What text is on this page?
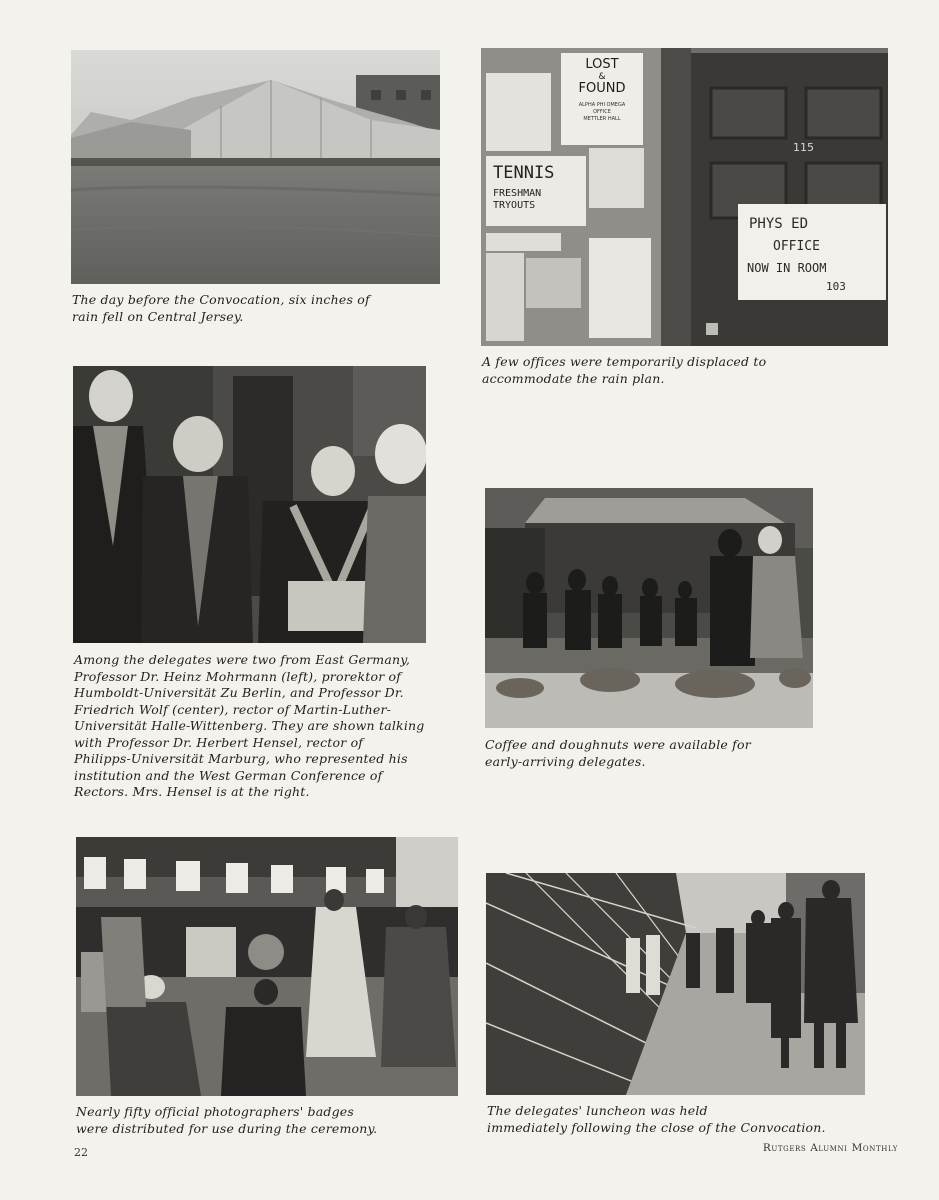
The day before the Convocation, six inches of
rain fell on Central Jersey.

LOST
&
FOUND
ALPHA PHI OMEGA
OFFICE
METTLER HALL
TENNIS
FRESHMAN
TRYOUTS
115
PHYS ED
OFFICE
NOW IN ROOM
103

A few offices were temporarily displaced to
accommodate the rain plan.

Among the delegates were two from East Germany,
Professor Dr. Heinz Mohrmann (left), prorektor of
Humboldt-Universität Zu Berlin, and Professor Dr.
Friedrich Wolf (center), rector of Martin-Luther-
Universität Halle-Wittenberg. They are shown talking
with Professor Dr. Herbert Hensel, rector of
Philipps-Universität Marburg, who represented his
institution and the West German Conference of
Rectors. Mrs. Hensel is at the right.

Coffee and doughnuts were available for
early-arriving delegates.

Nearly fifty official photographers' badges
were distributed for use during the ceremony.

The delegates' luncheon was held
immediately following the close of the Convocation.

22	Rutgers Alumni Monthly
